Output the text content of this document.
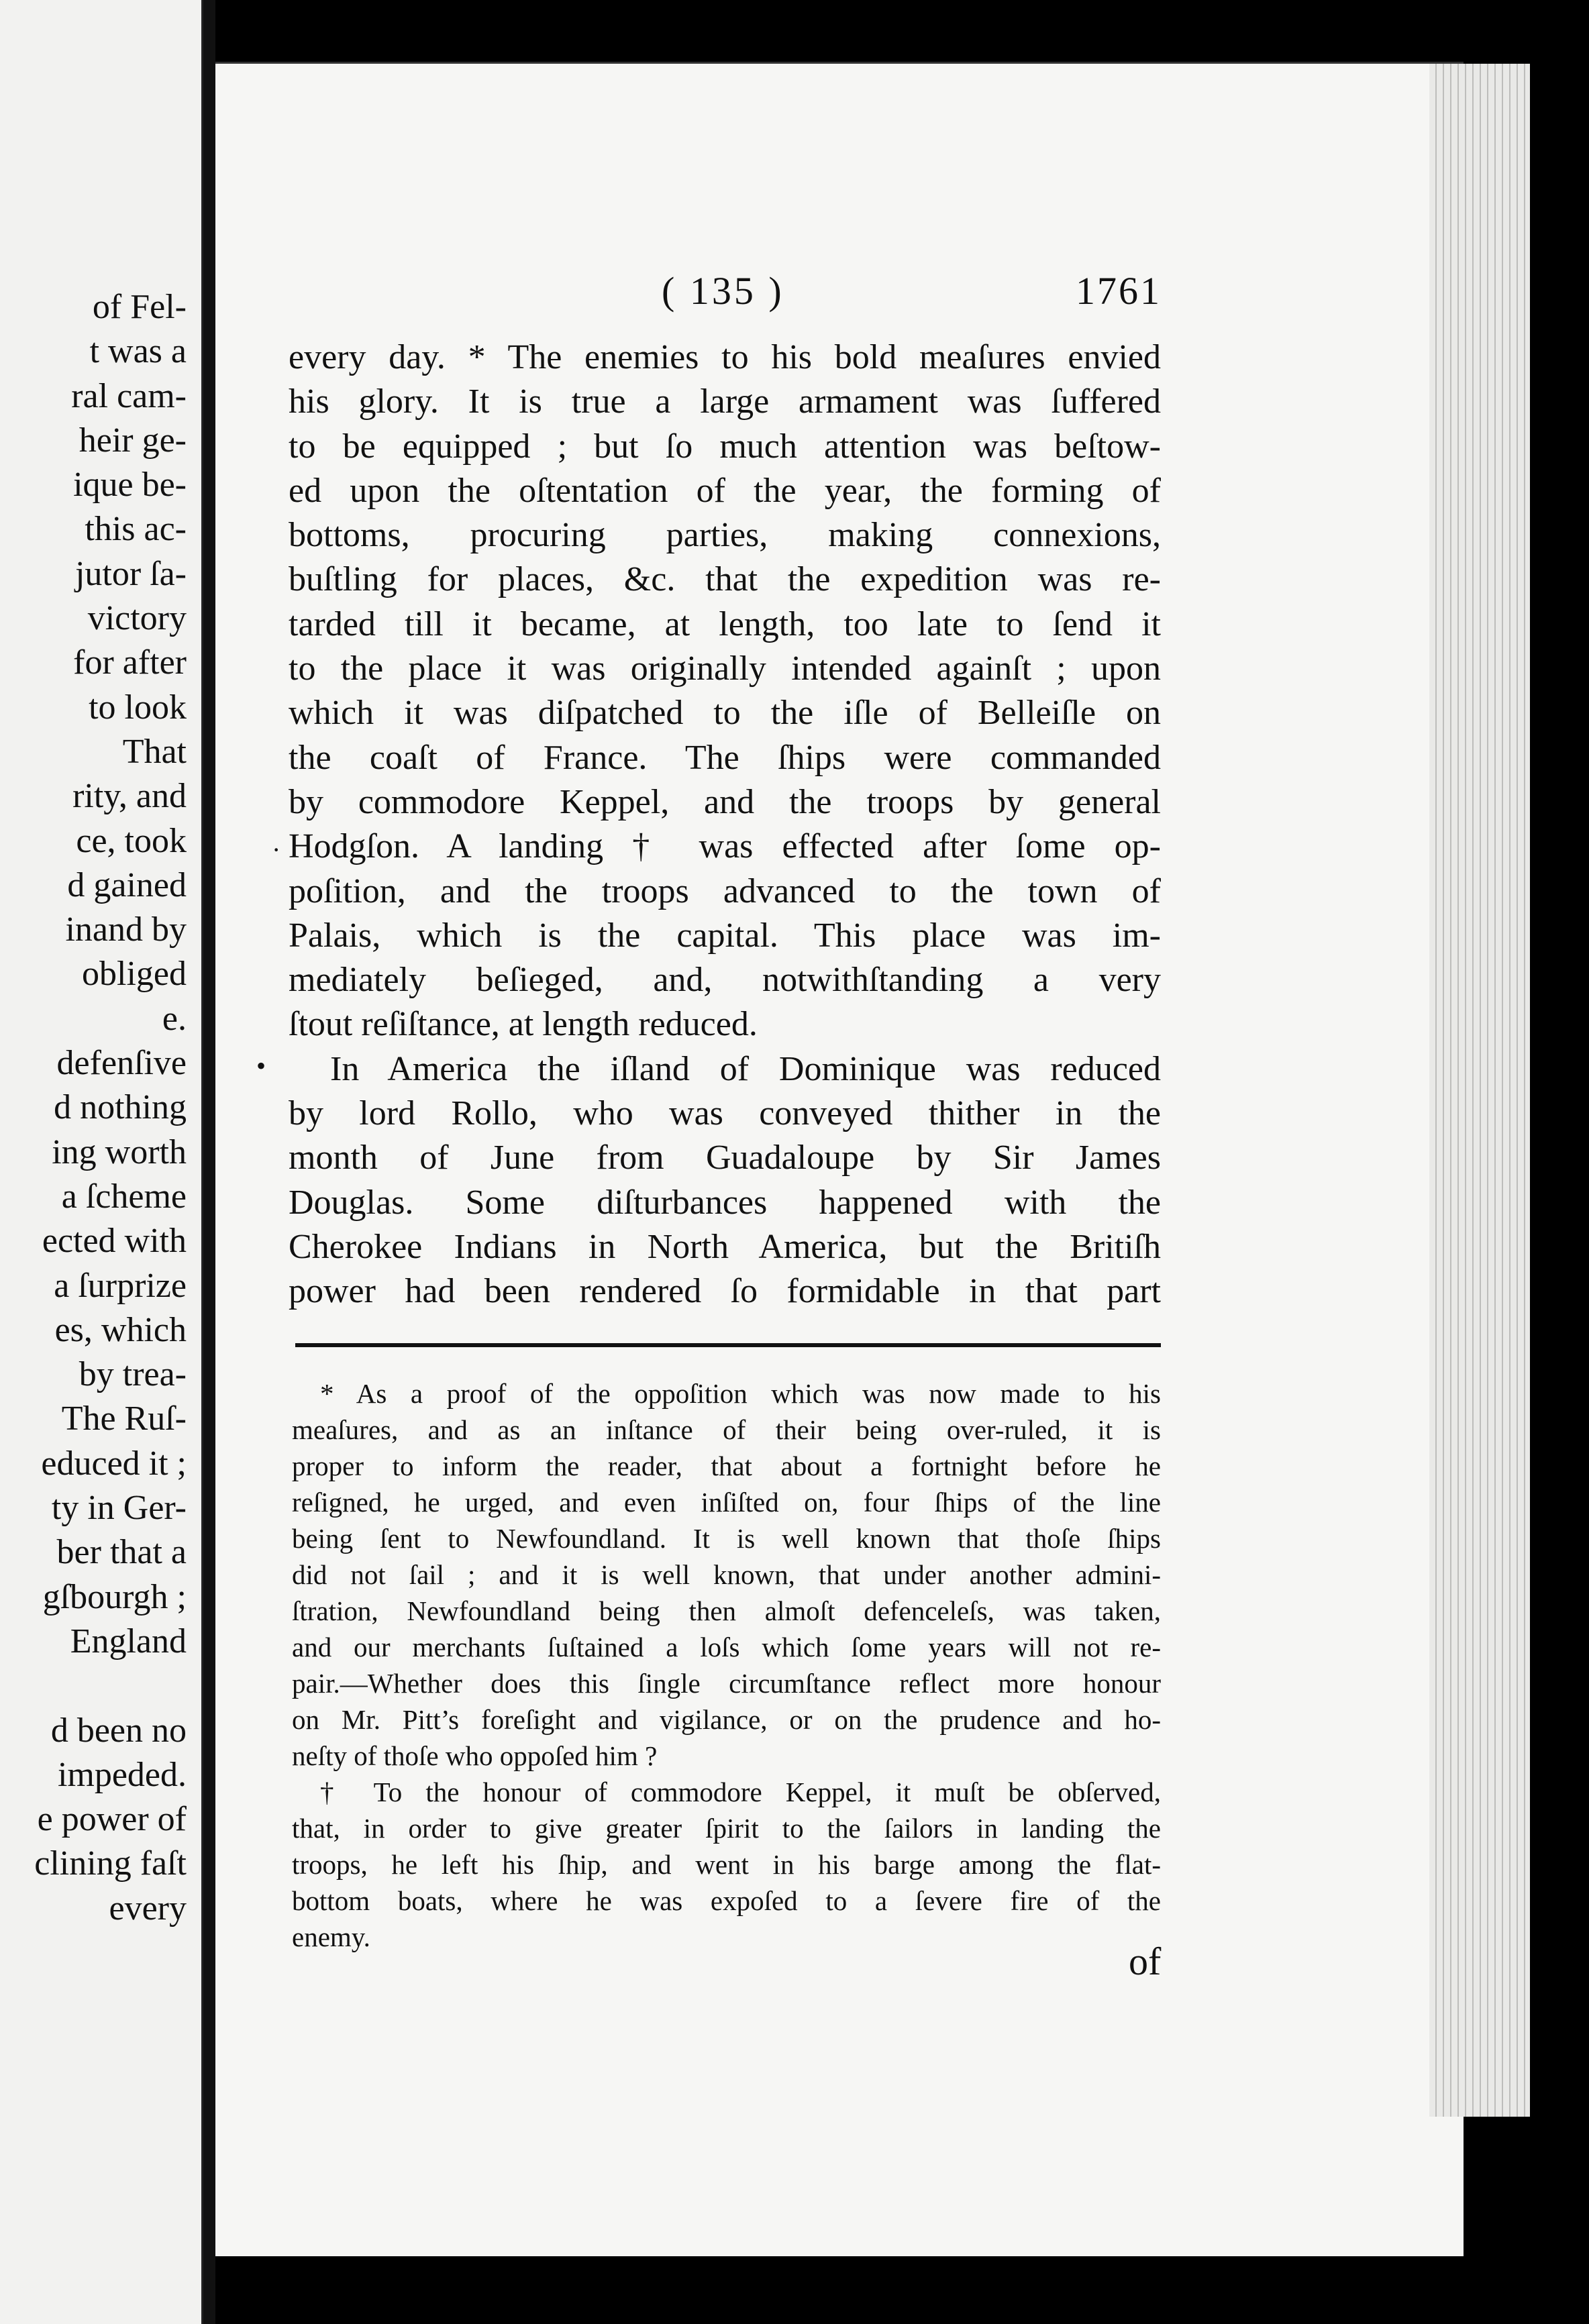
of Fel-
t was a
ral cam-
heir ge-
ique be-
this ac-
jutor ſa-
victory
for after
to look
That
rity, and
ce, took
d gained
inand by
obliged
e.
defenſive
d nothing
ing worth
a ſcheme
ected with
a ſurprize
es, which
by trea-
The Ruſ-
educed it ;
ty in Ger-
ber that a
gſbourgh ;
England
d been no
impeded.
e power of
clining faſt
every
( 135 )	1761
every day. * The enemies to his bold meaſures envied
his glory. It is true a large armament was ſuffered
to be equipped ; but ſo much attention was beſtow-
ed upon the oſtentation of the year, the forming of
bottoms, procuring parties, making connexions,
buſtling for places, &c. that the expedition was re-
tarded till it became, at length, too late to ſend it
to the place it was originally intended againſt ; upon
which it was diſpatched to the iſle of Belleiſle on
the coaſt of France. The ſhips were commanded
by commodore Keppel, and the troops by general
Hodgſon. A landing † was effected after ſome op-
poſition, and the troops advanced to the town of
Palais, which is the capital. This place was im-
mediately beſieged, and, notwithſtanding a very
ſtout reſiſtance, at length reduced.
In America the iſland of Dominique was reduced
by lord Rollo, who was conveyed thither in the
month of June from Guadaloupe by Sir James
Douglas. Some diſturbances happened with the
Cherokee Indians in North America, but the Britiſh
power had been rendered ſo formidable in that part
·
•
* As a proof of the oppoſition which was now made to his
meaſures, and as an inſtance of their being over-ruled, it is
proper to inform the reader, that about a fortnight before he
reſigned, he urged, and even inſiſted on, four ſhips of the line
being ſent to Newfoundland. It is well known that thoſe ſhips
did not ſail ; and it is well known, that under another admini-
ſtration, Newfoundland being then almoſt defenceleſs, was taken,
and our merchants ſuſtained a loſs which ſome years will not re-
pair.—Whether does this ſingle circumſtance reflect more honour
on Mr. Pitt’s foreſight and vigilance, or on the prudence and ho-
neſty of thoſe who oppoſed him ?
† To the honour of commodore Keppel, it muſt be obſerved,
that, in order to give greater ſpirit to the ſailors in landing the
troops, he left his ſhip, and went in his barge among the flat-
bottom boats, where he was expoſed to a ſevere fire of the
enemy.
of
